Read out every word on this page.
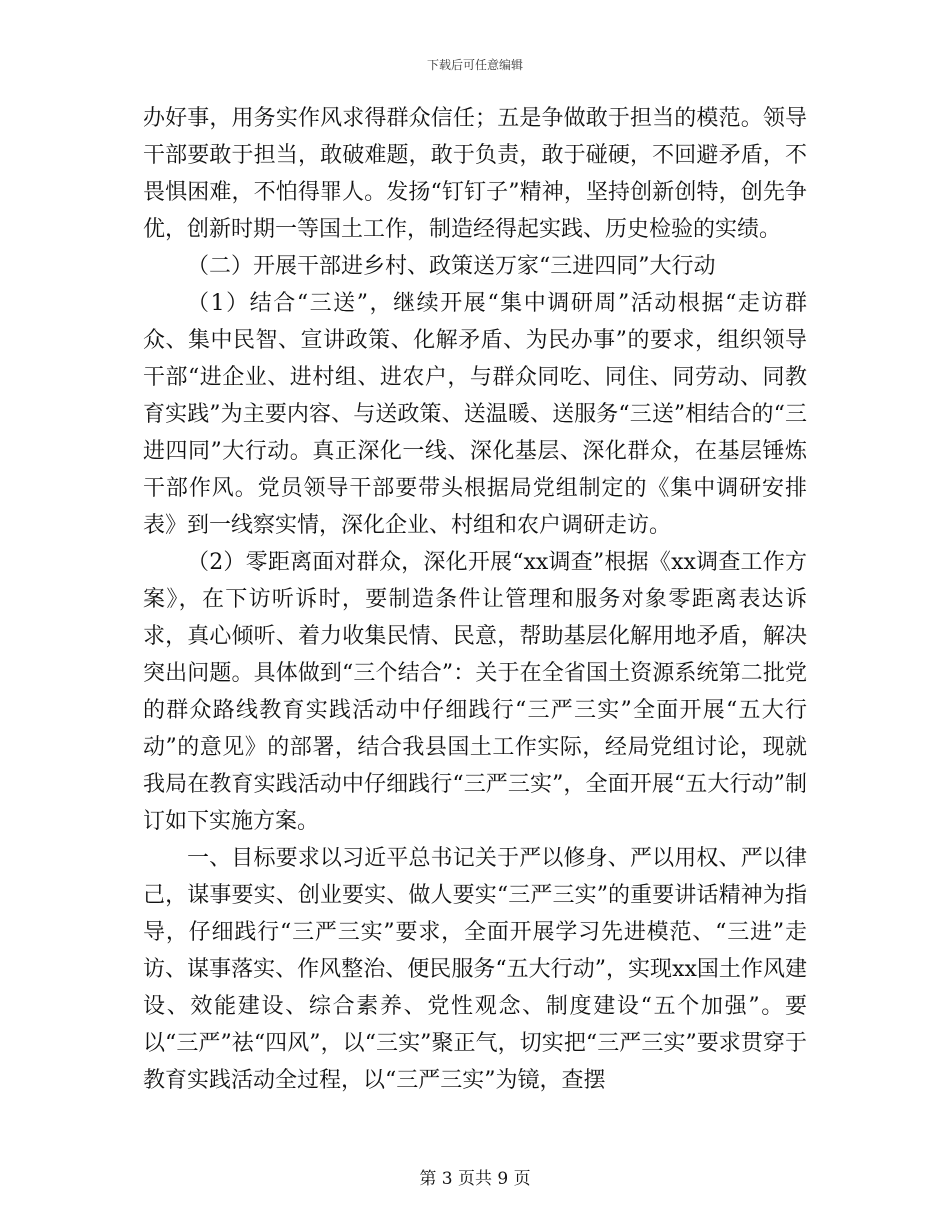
下载后可任意编辑

办好事，用务实作风求得群众信任；五是争做敢于担当的模范。领导干部要敢于担当，敢破难题，敢于负责，敢于碰硬，不回避矛盾，不畏惧困难，不怕得罪人。发扬“钉钉子”精神，坚持创新创特，创先争优，创新时期一等国土工作，制造经得起实践、历史检验的实绩。

（二）开展干部进乡村、政策送万家“三进四同”大行动

（1）结合“三送”，继续开展“集中调研周”活动根据“走访群众、集中民智、宣讲政策、化解矛盾、为民办事”的要求，组织领导干部“进企业、进村组、进农户，与群众同吃、同住、同劳动、同教育实践”为主要内容、与送政策、送温暖、送服务“三送”相结合的“三进四同”大行动。真正深化一线、深化基层、深化群众，在基层锤炼干部作风。党员领导干部要带头根据局党组制定的《集中调研安排表》到一线察实情，深化企业、村组和农户调研走访。

（2）零距离面对群众，深化开展“xx调查”根据《xx调查工作方案》，在下访听诉时，要制造条件让管理和服务对象零距离表达诉求，真心倾听、着力收集民情、民意，帮助基层化解用地矛盾，解决突出问题。具体做到“三个结合”：关于在全省国土资源系统第二批党的群众路线教育实践活动中仔细践行“三严三实”全面开展“五大行动”的意见》的部署，结合我县国土工作实际，经局党组讨论，现就我局在教育实践活动中仔细践行“三严三实”，全面开展“五大行动”制订如下实施方案。

一、目标要求以习近平总书记关于严以修身、严以用权、严以律己，谋事要实、创业要实、做人要实“三严三实”的重要讲话精神为指导，仔细践行“三严三实”要求，全面开展学习先进模范、“三进”走访、谋事落实、作风整治、便民服务“五大行动”，实现xx国土作风建设、效能建设、综合素养、党性观念、制度建设“五个加强”。要以“三严”祛“四风”，以“三实”聚正气，切实把“三严三实”要求贯穿于教育实践活动全过程，以“三严三实”为镜，查摆

第 3 页共 9 页
